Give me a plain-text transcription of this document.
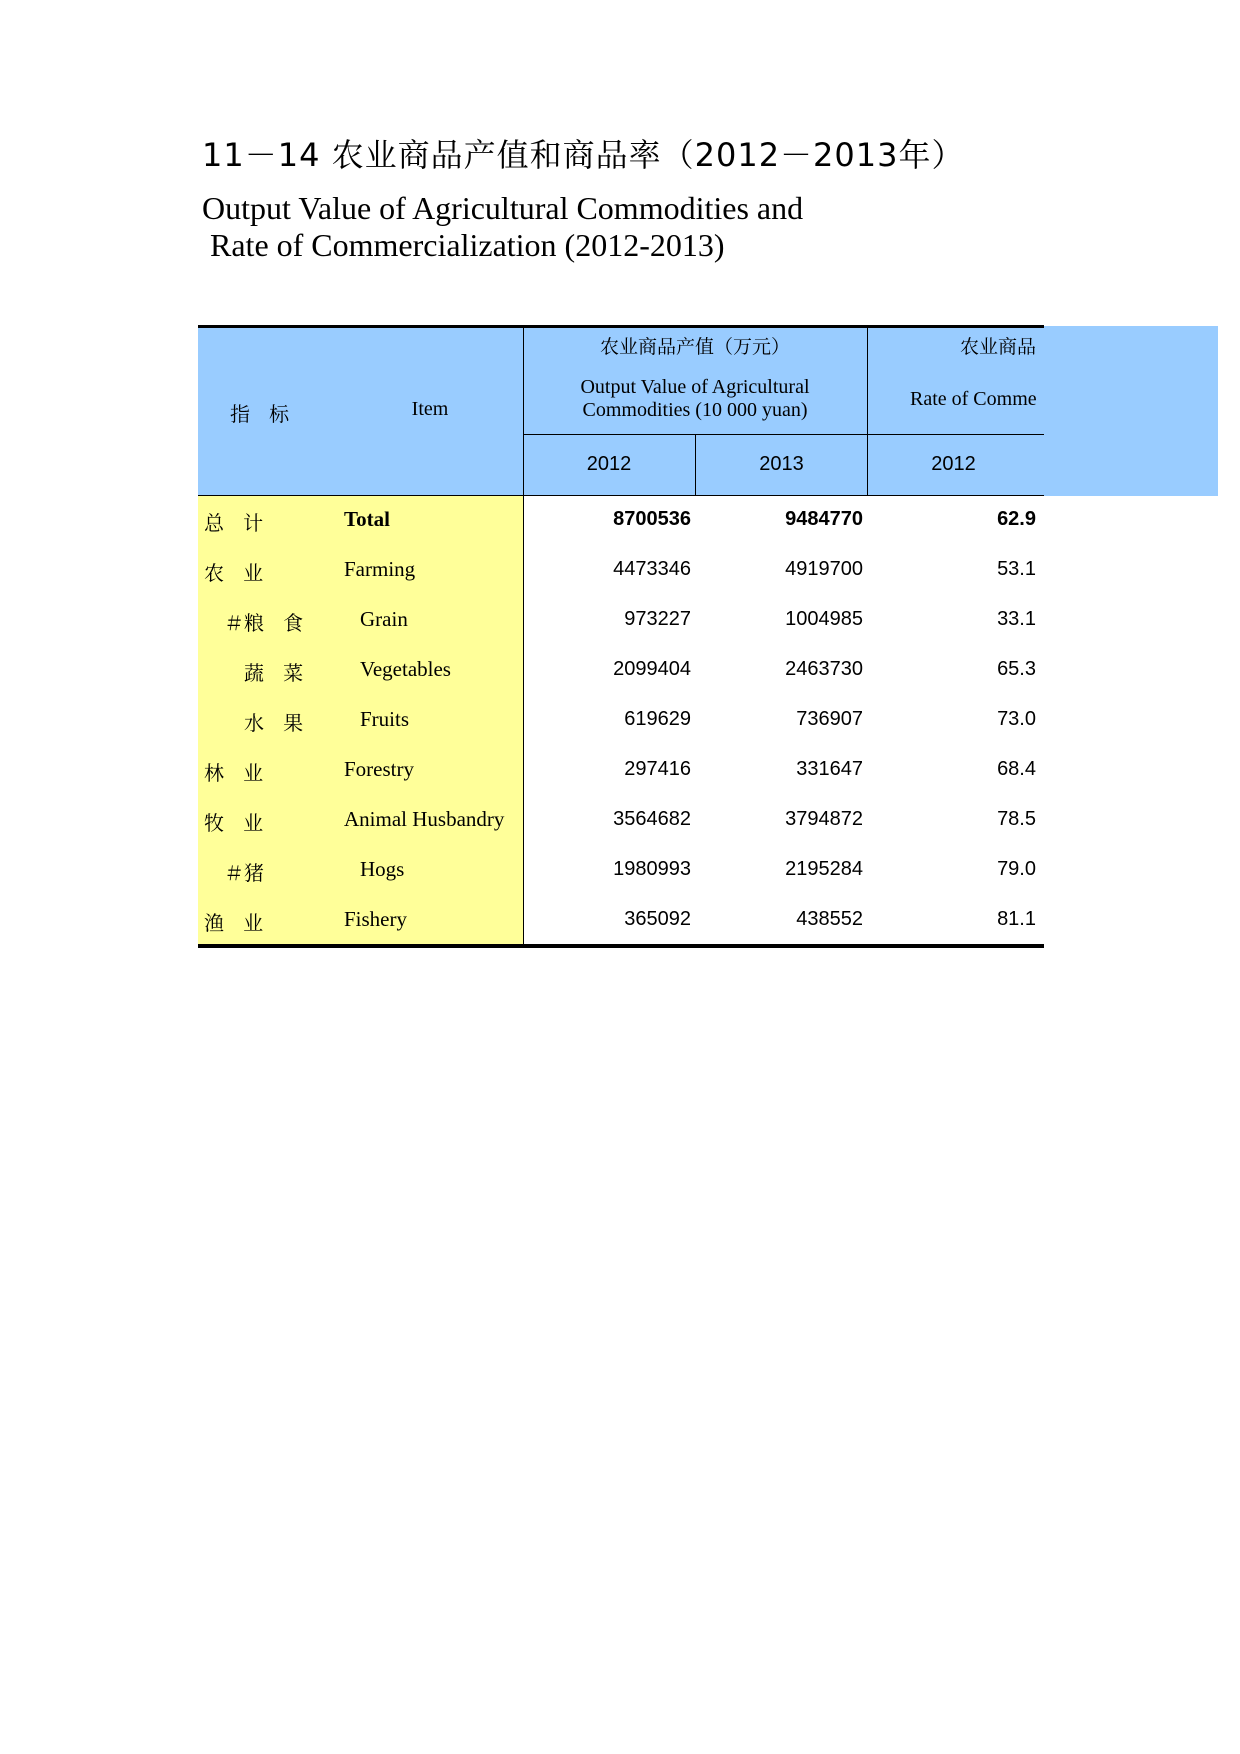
11－14 农业商品产值和商品率（2012－2013年）
Output Value of Agricultural Commodities and
Rate of Commercialization (2012-2013)
指   标	Item
农业商品产值（万元）
Output Value of Agricultural
Commodities (10 000 yuan)
农业商品
Rate of Comme
2012	2013	2012
总   计	Total	8700536	9484770	62.9
农   业	Farming	4473346	4919700	53.1
＃粮   食	Grain	973227	1004985	33.1
蔬   菜	Vegetables	2099404	2463730	65.3
水   果	Fruits	619629	736907	73.0
林   业	Forestry	297416	331647	68.4
牧   业	Animal Husbandry	3564682	3794872	78.5
＃猪	Hogs	1980993	2195284	79.0
渔   业	Fishery	365092	438552	81.1
